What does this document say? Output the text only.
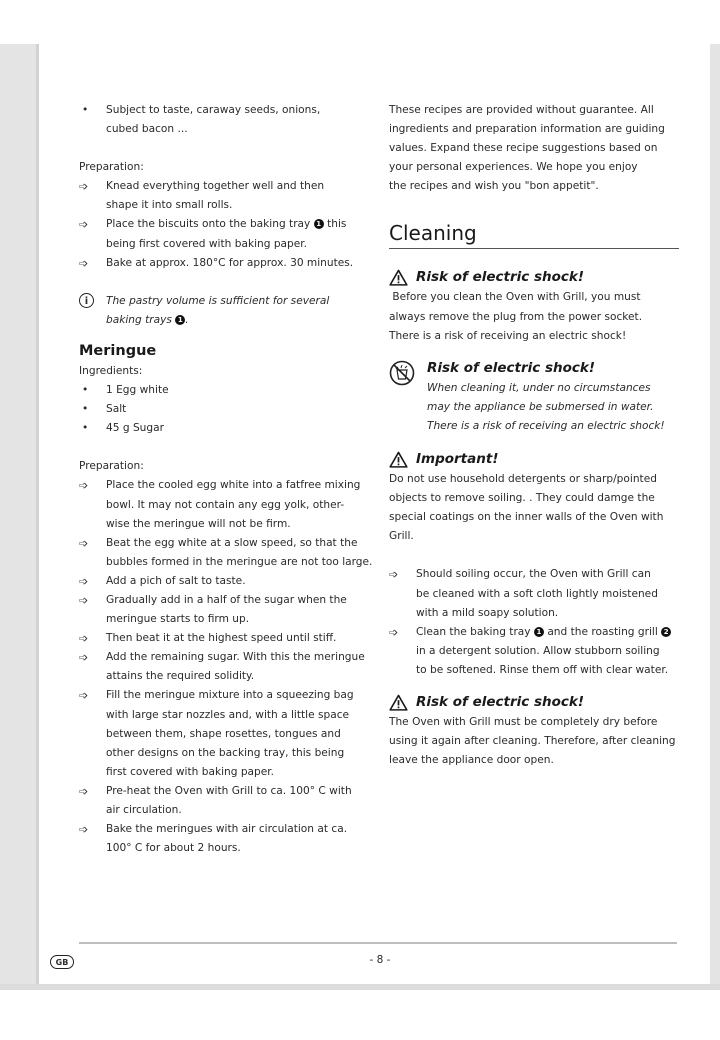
•	Subject to taste, caraway seeds, onions,

cubed bacon ...

Preparation:

➩	Knead everything together well and then

shape it into small rolls.

➩	Place the biscuits onto the baking tray 1 this

being first covered with baking paper.

➩	Bake at approx. 180°C for approx. 30 minutes.

i	The pastry volume is sufficient for several

baking trays 1 .

Meringue

Ingredients:

•	1 Egg white
•	Salt
•	45 g Sugar

Preparation:

➩	Place the cooled egg white into a fatfree mixing

bowl. It may not contain any egg yolk, other-

wise the meringue will not be firm.

➩	Beat the egg white at a slow speed, so that the

bubbles formed in the meringue are not too large.

➩	Add a pich of salt to taste.

➩	Gradually add in a half of the sugar when the

meringue starts to firm up.

➩	Then beat it at the highest speed until stiff.

➩	Add the remaining sugar. With this the meringue

attains the required solidity.

➩	Fill the meringue mixture into a squeezing bag

with large star nozzles and, with a little space

between them, shape rosettes, tongues and

other designs on the backing tray, this being

first covered with baking paper.

➩	Pre-heat the Oven with Grill to ca. 100° C with

air circulation.

➩	Bake the meringues with air circulation at ca.

100° C for about 2 hours.

These recipes are provided without guarantee. All

ingredients and preparation information are guiding

values. Expand these recipe suggestions based on

your personal experiences. We hope you enjoy

the recipes and wish you "bon appetit".

Cleaning

Risk of electric shock!

Before you clean the Oven with Grill, you must

always remove the plug from the power socket.

There is a risk of receiving an electric shock!

Risk of electric shock!

When cleaning it, under no circumstances

may the appliance be submersed in water.

There is a risk of receiving an electric shock!

Important!

Do not use household detergents or sharp/pointed

objects to remove soiling. . They could damge the

special coatings on the inner walls of the Oven with

Grill.

➩	Should soiling occur, the Oven with Grill can

be cleaned with a soft cloth lightly moistened

with a mild soapy solution.

➩	Clean the baking tray 1 and the roasting grill 2

in a detergent solution. Allow stubborn soiling

to be softened. Rinse them off with clear water.

Risk of electric shock!

The Oven with Grill must be completely dry before

using it again after cleaning. Therefore, after cleaning

leave the appliance door open.

GB	- 8 -
